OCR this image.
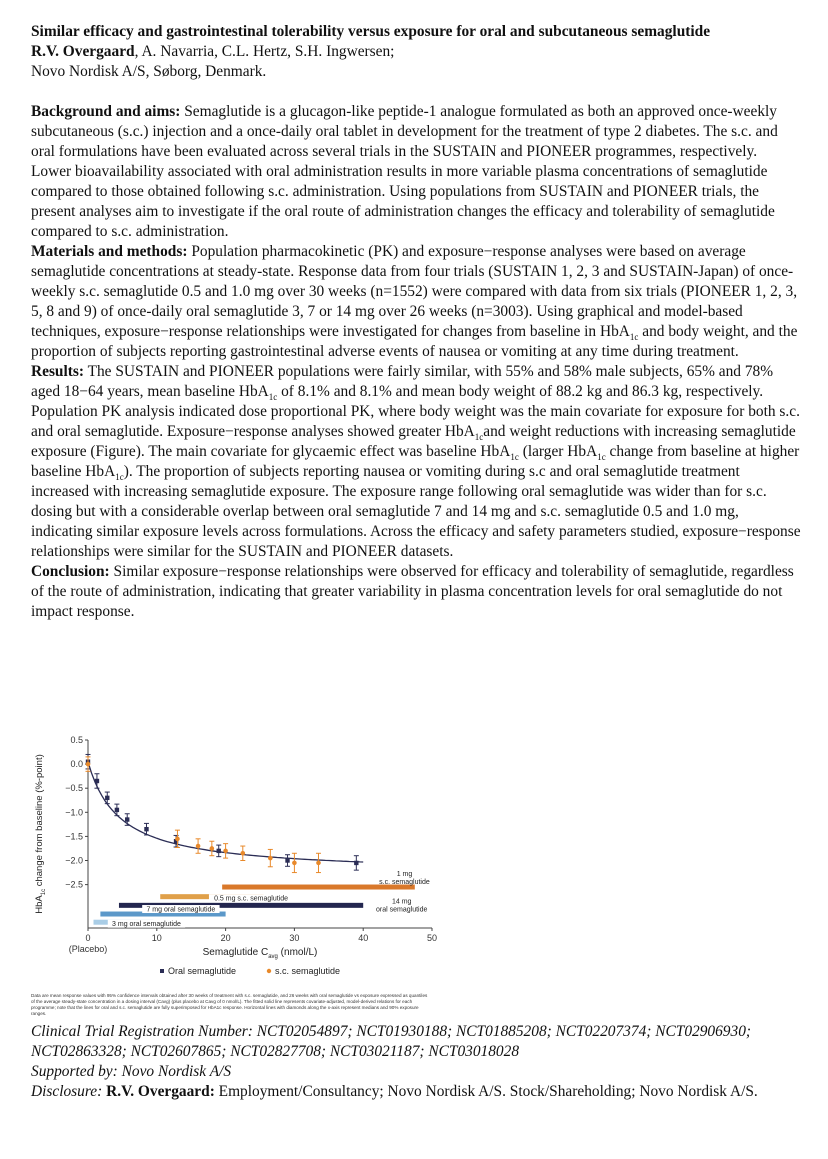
Similar efficacy and gastrointestinal tolerability versus exposure for oral and subcutaneous semaglutide

R.V. Overgaard, A. Navarria, C.L. Hertz, S.H. Ingwersen;

Novo Nordisk A/S, Søborg, Denmark.

Background and aims: Semaglutide is a glucagon-like peptide-1 analogue formulated as both an approved once-weekly subcutaneous (s.c.) injection and a once-daily oral tablet in development for the treatment of type 2 diabetes. The s.c. and oral formulations have been evaluated across several trials in the SUSTAIN and PIONEER programmes, respectively. Lower bioavailability associated with oral administration results in more variable plasma concentrations of semaglutide compared to those obtained following s.c. administration. Using populations from SUSTAIN and PIONEER trials, the present analyses aim to investigate if the oral route of administration changes the efficacy and tolerability of semaglutide compared to s.c. administration.

Materials and methods: Population pharmacokinetic (PK) and exposure−response analyses were based on average semaglutide concentrations at steady-state. Response data from four trials (SUSTAIN 1, 2, 3 and SUSTAIN-Japan) of once-weekly s.c. semaglutide 0.5 and 1.0 mg over 30 weeks (n=1552) were compared with data from six trials (PIONEER 1, 2, 3, 5, 8 and 9) of once-daily oral semaglutide 3, 7 or 14 mg over 26 weeks (n=3003). Using graphical and model-based techniques, exposure−response relationships were investigated for changes from baseline in HbA$_{1c}$ and body weight, and the proportion of subjects reporting gastrointestinal adverse events of nausea or vomiting at any time during treatment.

Results: The SUSTAIN and PIONEER populations were fairly similar, with 55% and 58% male subjects, 65% and 78% aged 18−64 years, mean baseline HbA$_{1c}$ of 8.1% and 8.1% and mean body weight of 88.2 kg and 86.3 kg, respectively. Population PK analysis indicated dose proportional PK, where body weight was the main covariate for exposure for both s.c. and oral semaglutide. Exposure−response analyses showed greater HbA$_{1c}$and weight reductions with increasing semaglutide exposure (Figure). The main covariate for glycaemic effect was baseline HbA$_{1c}$ (larger HbA$_{1c}$ change from baseline at higher baseline HbA$_{1c}$). The proportion of subjects reporting nausea or vomiting during s.c and oral semaglutide treatment increased with increasing semaglutide exposure. The exposure range following oral semaglutide was wider than for s.c. dosing but with a considerable overlap between oral semaglutide 7 and 14 mg and s.c. semaglutide 0.5 and 1.0 mg, indicating similar exposure levels across formulations. Across the efficacy and safety parameters studied, exposure−response relationships were similar for the SUSTAIN and PIONEER datasets.

Conclusion: Similar exposure−response relationships were observed for efficacy and tolerability of semaglutide, regardless of the route of administration, indicating that greater variability in plasma concentration levels for oral semaglutide do not impact response.

0.5
0.0
−0.5
−1.0
−1.5
−2.0
−2.5
0	10	20	30	40	50
(Placebo)	Semaglutide $C_{avg}$ (nmol/L)
HbA$_{1c}$ change from baseline (%-point)	1 mg s.c. semaglutide
0.5 mg s.c. semaglutide	14 mg oral semaglutide
7 mg oral semaglutide
3 mg oral semaglutide
Oral semaglutide	s.c. semaglutide
Data are mean response values with 95% confidence intervals obtained after 30 weeks of treatment with s.c. semaglutide, and 26 weeks with oral semaglutide vs exposure expressed as quantiles of the average steady-state concentration in a dosing interval (Cavg) (plus placebo at Cavg of 0 nmol/L). The fitted solid line represents covariate-adjusted, model-derived relations for each programme; note that the lines for oral and s.c. semaglutide are fully superimposed for HbA1c response. Horizontal lines with diamonds along the x-axis represent medians and 90% exposure ranges.

Clinical Trial Registration Number: NCT02054897; NCT01930188; NCT01885208; NCT02207374; NCT02906930; NCT02863328; NCT02607865; NCT02827708; NCT03021187; NCT03018028

Supported by: Novo Nordisk A/S

Disclosure: R.V. Overgaard: Employment/Consultancy; Novo Nordisk A/S. Stock/Shareholding; Novo Nordisk A/S.
